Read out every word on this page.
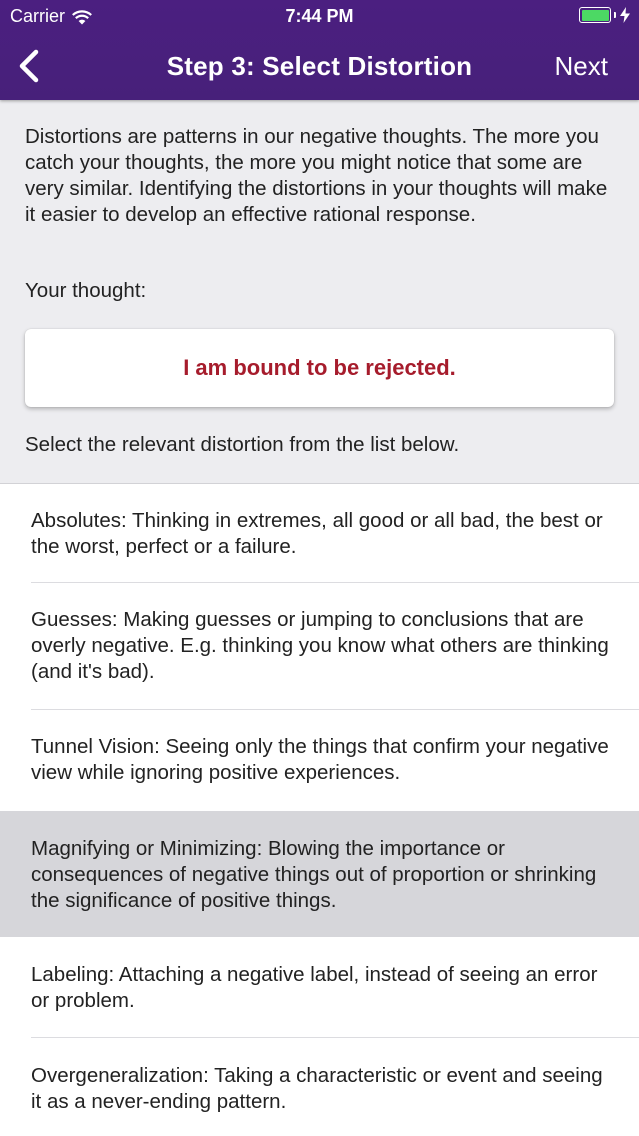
Carrier	7:44 PM
Step 3: Select Distortion	Next

Distortions are patterns in our negative thoughts. The more you catch your thoughts, the more you might notice that some are very similar. Identifying the distortions in your thoughts will make it easier to develop an effective rational response.

Your thought:

I am bound to be rejected.

Select the relevant distortion from the list below.

Absolutes: Thinking in extremes, all good or all bad, the best or the worst, perfect or a failure.

Guesses: Making guesses or jumping to conclusions that are overly negative. E.g. thinking you know what others are thinking (and it's bad).

Tunnel Vision: Seeing only the things that confirm your negative view while ignoring positive experiences.

Magnifying or Minimizing: Blowing the importance or consequences of negative things out of proportion or shrinking the significance of positive things.

Labeling: Attaching a negative label, instead of seeing an error or problem.

Overgeneralization: Taking a characteristic or event and seeing it as a never-ending pattern.
